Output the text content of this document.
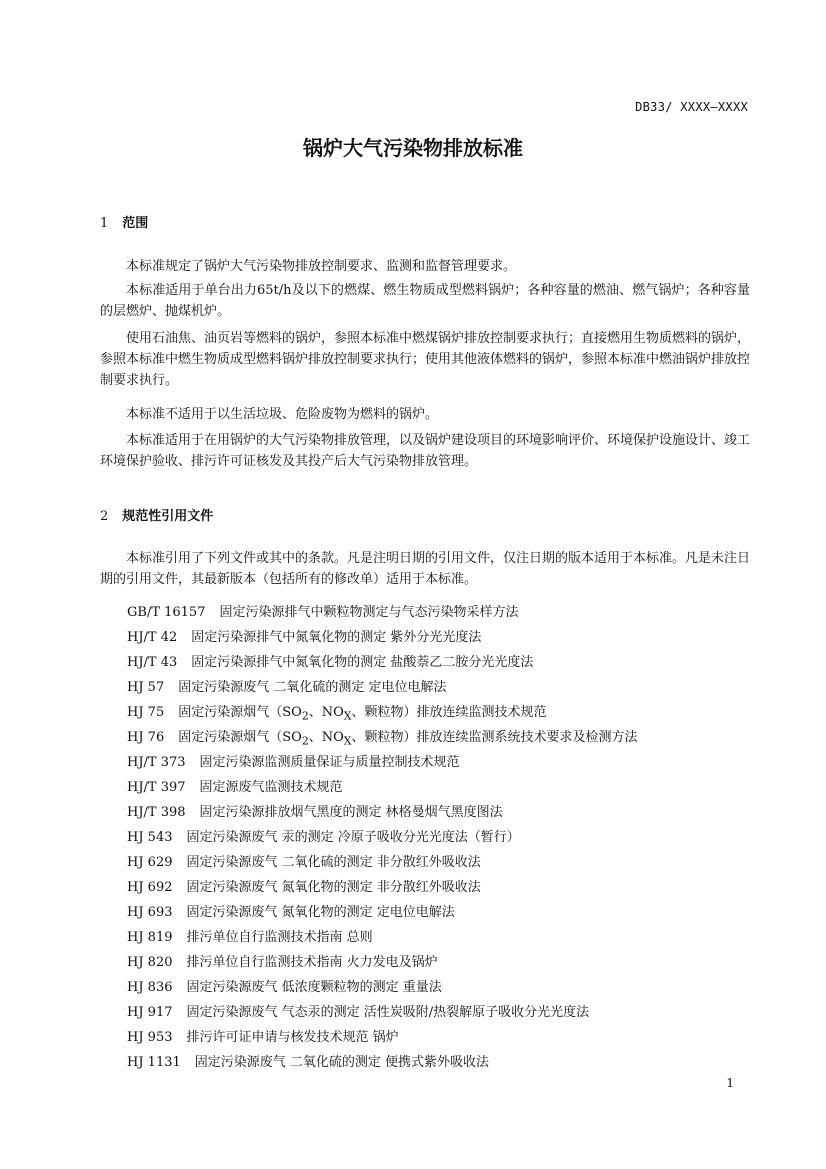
DB33/ XXXX—XXXX
锅炉大气污染物排放标准
1 范围

本标准规定了锅炉大气污染物排放控制要求、监测和监督管理要求。

本标准适用于单台出力65t/h及以下的燃煤、燃生物质成型燃料锅炉；各种容量的燃油、燃气锅炉；各种容量的层燃炉、抛煤机炉。

使用石油焦、油页岩等燃料的锅炉，参照本标准中燃煤锅炉排放控制要求执行；直接燃用生物质燃料的锅炉，参照本标准中燃生物质成型燃料锅炉排放控制要求执行；使用其他液体燃料的锅炉，参照本标准中燃油锅炉排放控制要求执行。

本标准不适用于以生活垃圾、危险废物为燃料的锅炉。

本标准适用于在用锅炉的大气污染物排放管理，以及锅炉建设项目的环境影响评价、环境保护设施设计、竣工环境保护验收、排污许可证核发及其投产后大气污染物排放管理。

2 规范性引用文件

本标准引用了下列文件或其中的条款。凡是注明日期的引用文件，仅注日期的版本适用于本标准。凡是未注日期的引用文件，其最新版本（包括所有的修改单）适用于本标准。

GB/T 16157 固定污染源排气中颗粒物测定与气态污染物采样方法

HJ/T 42 固定污染源排气中氮氧化物的测定 紫外分光光度法

HJ/T 43 固定污染源排气中氮氧化物的测定 盐酸萘乙二胺分光光度法

HJ 57 固定污染源废气 二氧化硫的测定 定电位电解法

HJ 75 固定污染源烟气（$SO_2$、$NO_X$、颗粒物）排放连续监测技术规范

HJ 76 固定污染源烟气（$SO_2$、$NO_X$、颗粒物）排放连续监测系统技术要求及检测方法

HJ/T 373 固定污染源监测质量保证与质量控制技术规范

HJ/T 397 固定源废气监测技术规范

HJ/T 398 固定污染源排放烟气黑度的测定 林格曼烟气黑度图法

HJ 543 固定污染源废气 汞的测定 冷原子吸收分光光度法（暂行）

HJ 629 固定污染源废气 二氧化硫的测定 非分散红外吸收法

HJ 692 固定污染源废气 氮氧化物的测定 非分散红外吸收法

HJ 693 固定污染源废气 氮氧化物的测定 定电位电解法

HJ 819 排污单位自行监测技术指南 总则

HJ 820 排污单位自行监测技术指南 火力发电及锅炉

HJ 836 固定污染源废气 低浓度颗粒物的测定 重量法

HJ 917 固定污染源废气 气态汞的测定 活性炭吸附/热裂解原子吸收分光光度法

HJ 953 排污许可证申请与核发技术规范 锅炉

HJ 1131 固定污染源废气 二氧化硫的测定 便携式紫外吸收法

1
